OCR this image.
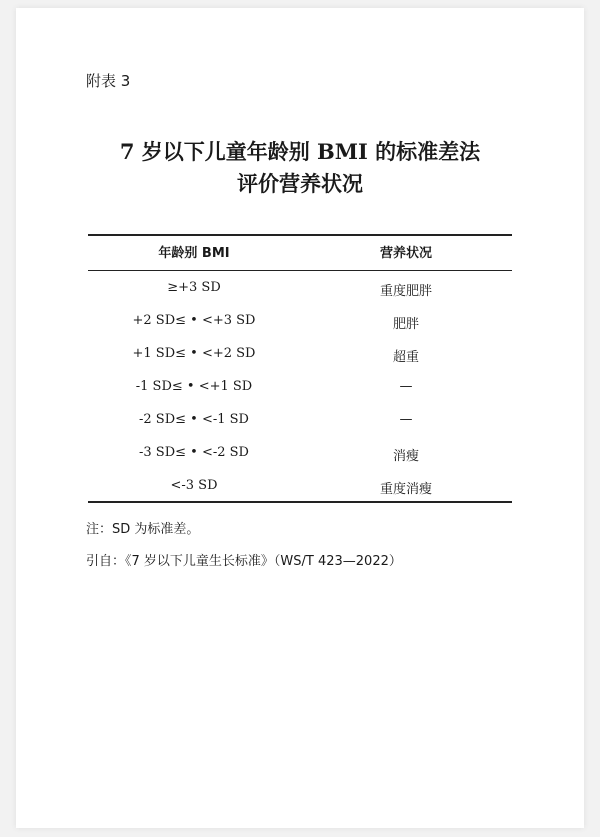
附表 3
7 岁以下儿童年龄别 BMI 的标准差法
评价营养状况
年龄别 BMI	营养状况
≥+3 SD	重度肥胖
+2 SD≤ • <+3 SD	肥胖
+1 SD≤ • <+2 SD	超重
-1 SD≤ • <+1 SD	—
-2 SD≤ • <-1 SD	—
-3 SD≤ • <-2 SD	消瘦
<-3 SD	重度消瘦
注：SD 为标准差。
引自：《7 岁以下儿童生长标准》（WS/T 423—2022）
